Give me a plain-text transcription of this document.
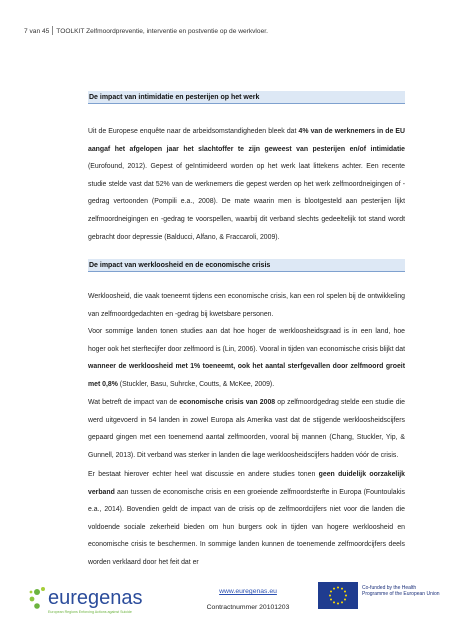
7 van 45 TOOLKIT Zelfmoordpreventie, interventie en postventie op de werkvloer.
De impact van intimidatie en pesterijen op het werk
Uit de Europese enquête naar de arbeidsomstandigheden bleek dat 4% van de werknemers in de EU aangaf het afgelopen jaar het slachtoffer te zijn geweest van pesterijen en/of intimidatie (Eurofound, 2012). Gepest of geïntimideerd worden op het werk laat littekens achter. Een recente studie stelde vast dat 52% van de werknemers die gepest werden op het werk zelfmoordneigingen of -gedrag vertoonden (Pompili e.a., 2008). De mate waarin men is blootgesteld aan pesterijen lijkt zelfmoordneigingen en -gedrag te voorspellen, waarbij dit verband slechts gedeeltelijk tot stand wordt gebracht door depressie (Balducci, Alfano, & Fraccaroli, 2009).
De impact van werkloosheid en de economische crisis
Werkloosheid, die vaak toeneemt tijdens een economische crisis, kan een rol spelen bij de ontwikkeling van zelfmoordgedachten en -gedrag bij kwetsbare personen.
Voor sommige landen tonen studies aan dat hoe hoger de werkloosheidsgraad is in een land, hoe hoger ook het sterftecijfer door zelfmoord is (Lin, 2006). Vooral in tijden van economische crisis blijkt dat wanneer de werkloosheid met 1% toeneemt, ook het aantal sterfgevallen door zelfmoord groeit met 0,8% (Stuckler, Basu, Suhrcke, Coutts, & McKee, 2009).
Wat betreft de impact van de economische crisis van 2008 op zelfmoordgedrag stelde een studie die werd uitgevoerd in 54 landen in zowel Europa als Amerika vast dat de stijgende werkloosheidscijfers gepaard gingen met een toenemend aantal zelfmoorden, vooral bij mannen (Chang, Stuckler, Yip, & Gunnell, 2013). Dit verband was sterker in landen die lage werkloosheidscijfers hadden vóór de crisis.
Er bestaat hierover echter heel wat discussie en andere studies tonen geen duidelijk oorzakelijk verband aan tussen de economische crisis en een groeiende zelfmoordsterfte in Europa (Fountoulakis e.a., 2014). Bovendien geldt de impact van de crisis op de zelfmoordcijfers niet voor die landen die voldoende sociale zekerheid bieden om hun burgers ook in tijden van hogere werkloosheid en economische crisis te beschermen. In sommige landen kunnen de toenemende zelfmoordcijfers deels worden verklaard door het feit dat er
euregenas
European Regions Enforcing Actions against Suicide
www.euregenas.eu
Contractnummer 20101203
Co-funded by the Health Programme of the European Union
